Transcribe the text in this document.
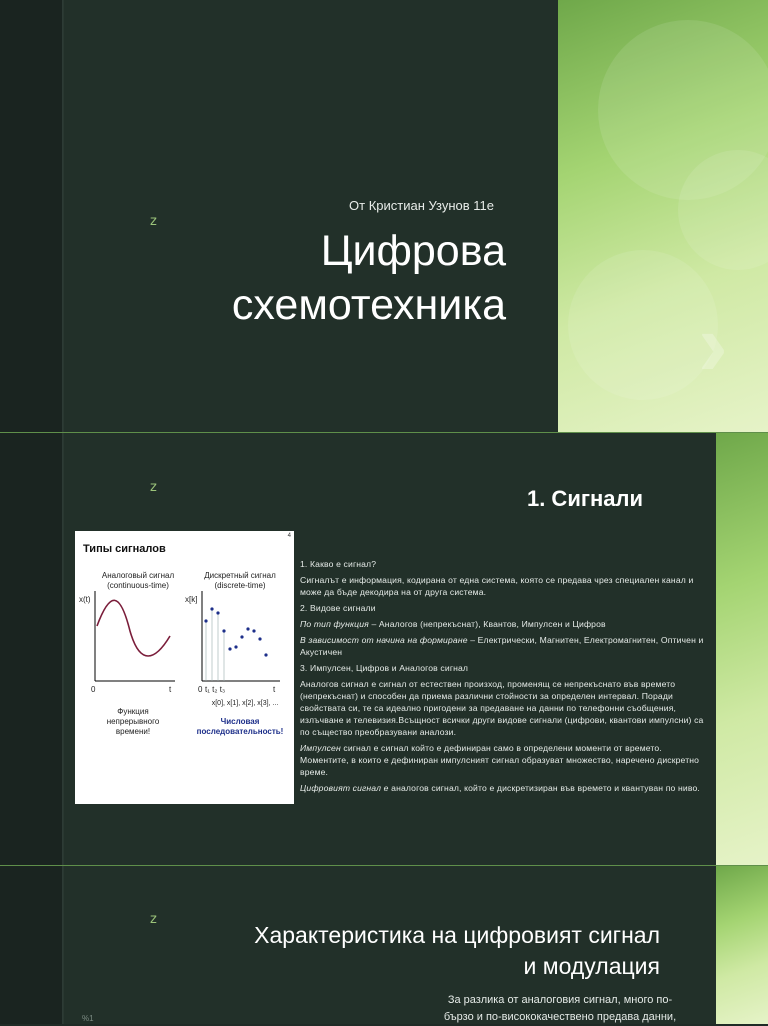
›
z
От Кристиан Узунов 11е
Цифрова
схемотехника
z	1. Сигнали
4
Типы сигналов
Аналоговый сигнал
(continuous-time)
Дискретный сигнал
(discrete-time)
x(t)	x[k]
0	t	0 t₁ t₂ t₃	t
x[0], x[1], x[2], x[3], ...
Функция
непрерывного
времени!
Числовая
последовательность!

1. Какво е сигнал?

Сигналът е информация, кодирана от една система, която се предава чрез специален канал и може да бъде декодира на от друга система.

2. Видове сигнали

По тип функция – Аналогов (непрекъснат), Квантов, Импулсен и Цифров

В зависимост от начина на формиране – Електрически, Магнитен, Електромагнитен, Оптичен и Акустичен

3. Импулсен, Цифров и Аналогов сигнал

Аналогов сигнал е сигнал от естествен произход, променящ се непрекъснато във времето (непрекъснат) и способен да приема различни стойности за определен интервал. Поради свойствата си, те са идеално пригодени за предаване на данни по телефонни съобщения, излъчване и телевизия.Всъщност всички други видове сигнали (цифрови, квантови импулсни) са по същество преобразувани аналози.

Импулсен сигнал е сигнал който е дефиниран само в определени моменти от времето. Моментите, в които е дефиниран импулсният сигнал образуват множество, наречено дискретно време.

Цифровият сигнал е аналогов сигнал, който е дискретизиран във времето и квантуван по ниво.

z
Характеристика на цифровият сигнал
и модулация
За разлика от аналоговия сигнал, много по-
бързо и по-висококачествено предава данни,
%1
